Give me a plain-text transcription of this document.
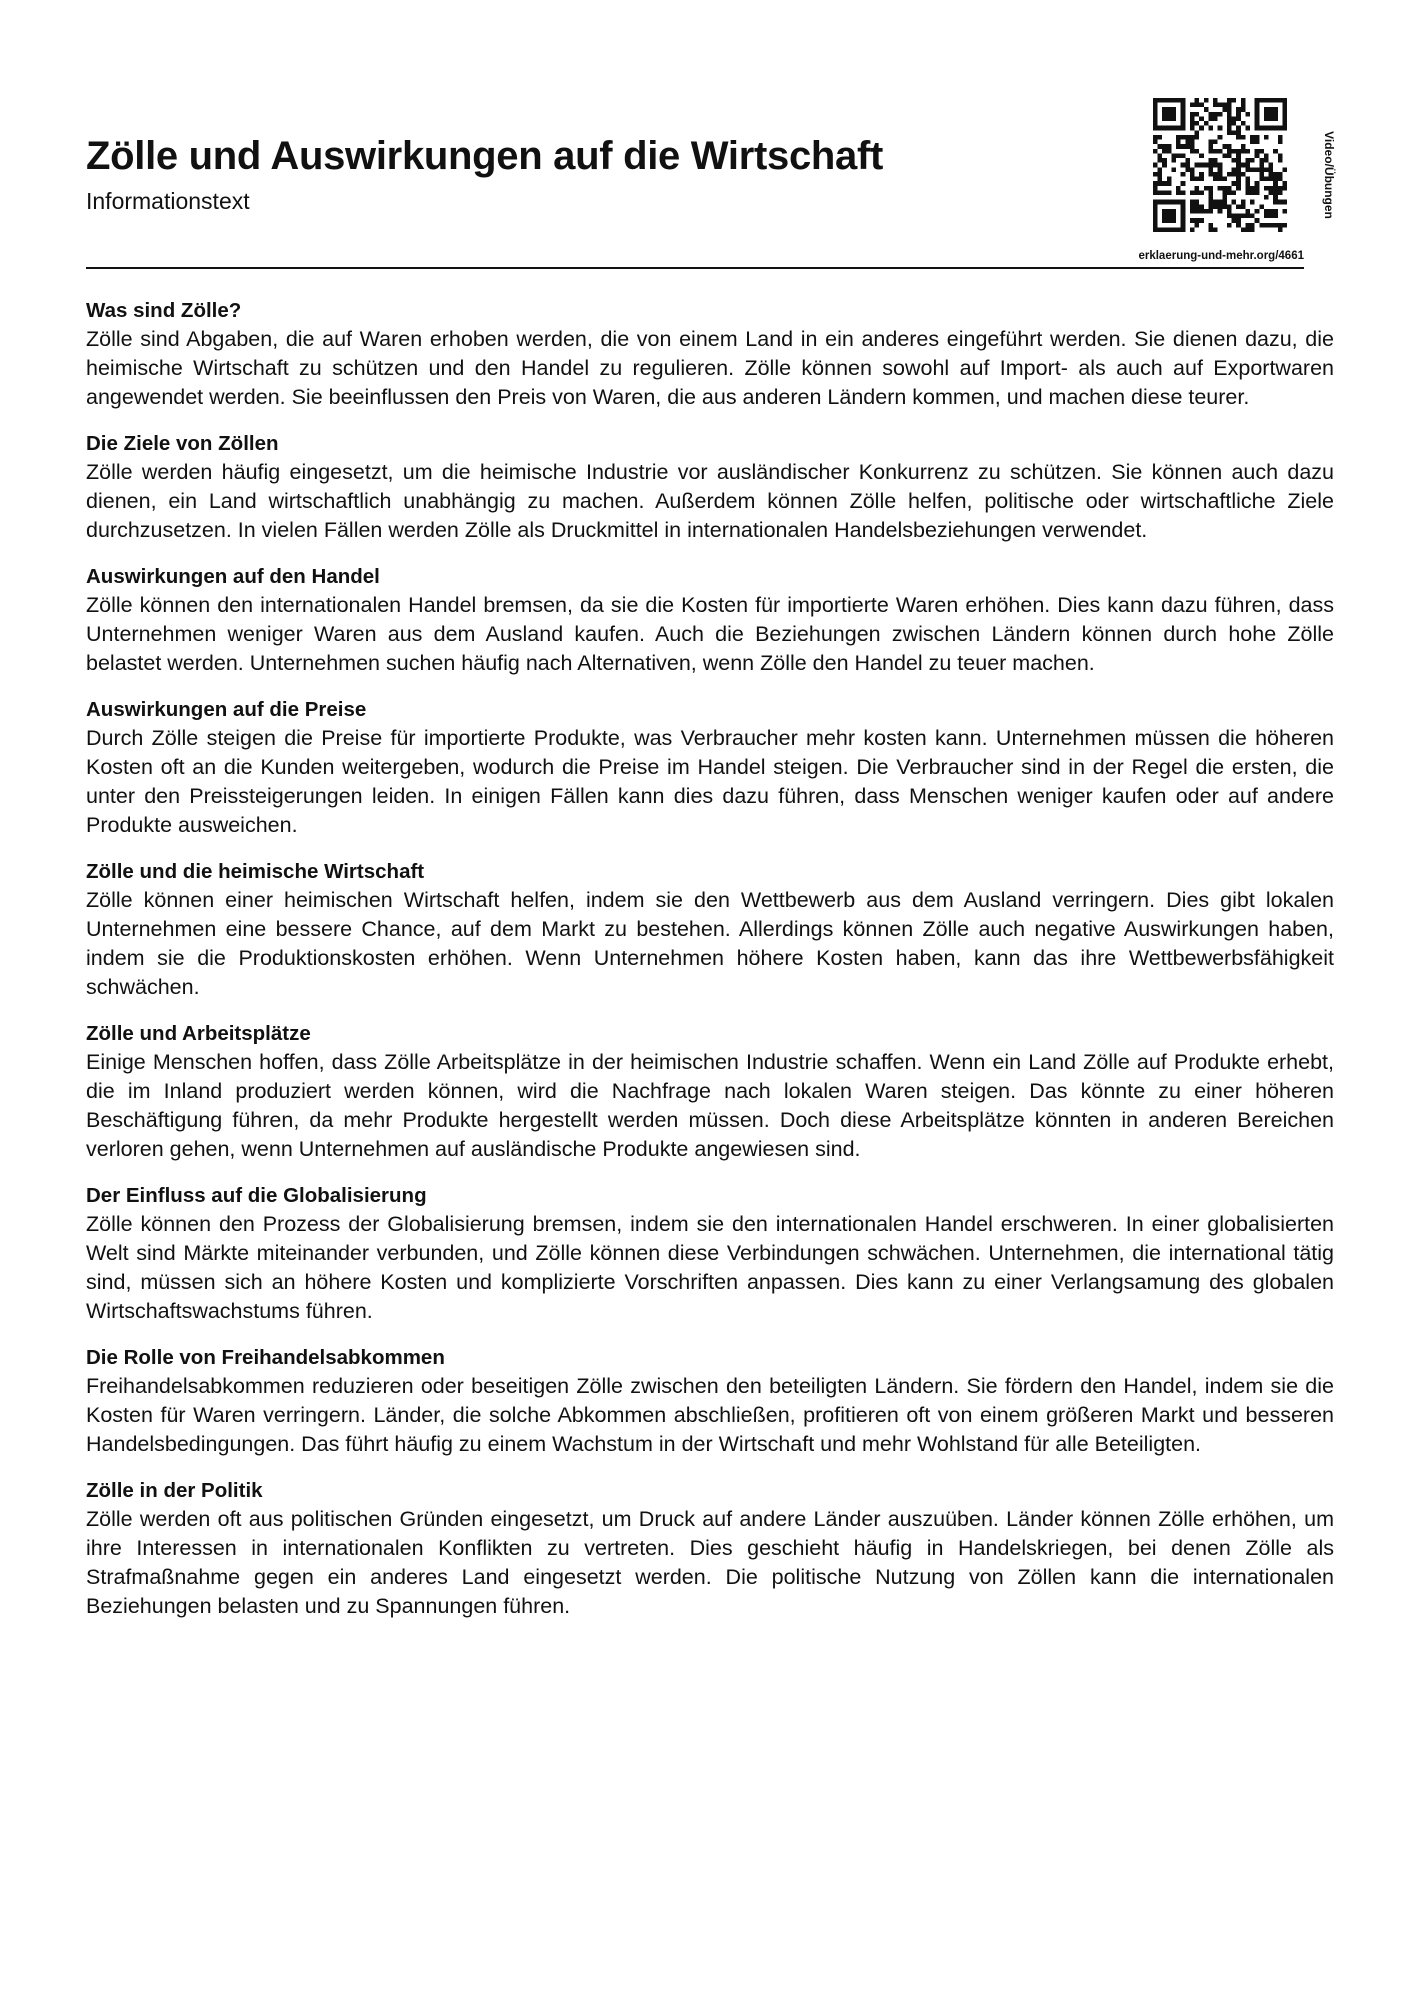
Zölle und Auswirkungen auf die Wirtschaft
Informationstext	Video/Übungen
erklaerung-und-mehr.org/4661
Was sind Zölle?

Zölle sind Abgaben, die auf Waren erhoben werden, die von einem Land in ein anderes eingeführt werden. Sie dienen dazu, die heimische Wirtschaft zu schützen und den Handel zu regulieren. Zölle können sowohl auf Import- als auch auf Exportwaren angewendet werden. Sie beeinflussen den Preis von Waren, die aus anderen Ländern kommen, und machen diese teurer.

Die Ziele von Zöllen

Zölle werden häufig eingesetzt, um die heimische Industrie vor ausländischer Konkurrenz zu schützen. Sie können auch dazu dienen, ein Land wirtschaftlich unabhängig zu machen. Außerdem können Zölle helfen, politische oder wirtschaftliche Ziele durchzusetzen. In vielen Fällen werden Zölle als Druckmittel in internationalen Handelsbeziehungen verwendet.

Auswirkungen auf den Handel

Zölle können den internationalen Handel bremsen, da sie die Kosten für importierte Waren erhöhen. Dies kann dazu führen, dass Unternehmen weniger Waren aus dem Ausland kaufen. Auch die Beziehungen zwischen Ländern können durch hohe Zölle belastet werden. Unternehmen suchen häufig nach Alternativen, wenn Zölle den Handel zu teuer machen.

Auswirkungen auf die Preise

Durch Zölle steigen die Preise für importierte Produkte, was Verbraucher mehr kosten kann. Unternehmen müssen die höheren Kosten oft an die Kunden weitergeben, wodurch die Preise im Handel steigen. Die Verbraucher sind in der Regel die ersten, die unter den Preissteigerungen leiden. In einigen Fällen kann dies dazu führen, dass Menschen weniger kaufen oder auf andere Produkte ausweichen.

Zölle und die heimische Wirtschaft

Zölle können einer heimischen Wirtschaft helfen, indem sie den Wettbewerb aus dem Ausland verringern. Dies gibt lokalen Unternehmen eine bessere Chance, auf dem Markt zu bestehen. Allerdings können Zölle auch negative Auswirkungen haben, indem sie die Produktionskosten erhöhen. Wenn Unternehmen höhere Kosten haben, kann das ihre Wettbewerbsfähigkeit schwächen.

Zölle und Arbeitsplätze

Einige Menschen hoffen, dass Zölle Arbeitsplätze in der heimischen Industrie schaffen. Wenn ein Land Zölle auf Produkte erhebt, die im Inland produziert werden können, wird die Nachfrage nach lokalen Waren steigen. Das könnte zu einer höheren Beschäftigung führen, da mehr Produkte hergestellt werden müssen. Doch diese Arbeitsplätze könnten in anderen Bereichen verloren gehen, wenn Unternehmen auf ausländische Produkte angewiesen sind.

Der Einfluss auf die Globalisierung

Zölle können den Prozess der Globalisierung bremsen, indem sie den internationalen Handel erschweren. In einer globalisierten Welt sind Märkte miteinander verbunden, und Zölle können diese Verbindungen schwächen. Unternehmen, die international tätig sind, müssen sich an höhere Kosten und komplizierte Vorschriften anpassen. Dies kann zu einer Verlangsamung des globalen Wirtschaftswachstums führen.

Die Rolle von Freihandelsabkommen

Freihandelsabkommen reduzieren oder beseitigen Zölle zwischen den beteiligten Ländern. Sie fördern den Handel, indem sie die Kosten für Waren verringern. Länder, die solche Abkommen abschließen, profitieren oft von einem größeren Markt und besseren Handelsbedingungen. Das führt häufig zu einem Wachstum in der Wirtschaft und mehr Wohlstand für alle Beteiligten.

Zölle in der Politik

Zölle werden oft aus politischen Gründen eingesetzt, um Druck auf andere Länder auszuüben. Länder können Zölle erhöhen, um ihre Interessen in internationalen Konflikten zu vertreten. Dies geschieht häufig in Handelskriegen, bei denen Zölle als Strafmaßnahme gegen ein anderes Land eingesetzt werden. Die politische Nutzung von Zöllen kann die internationalen Beziehungen belasten und zu Spannungen führen.
